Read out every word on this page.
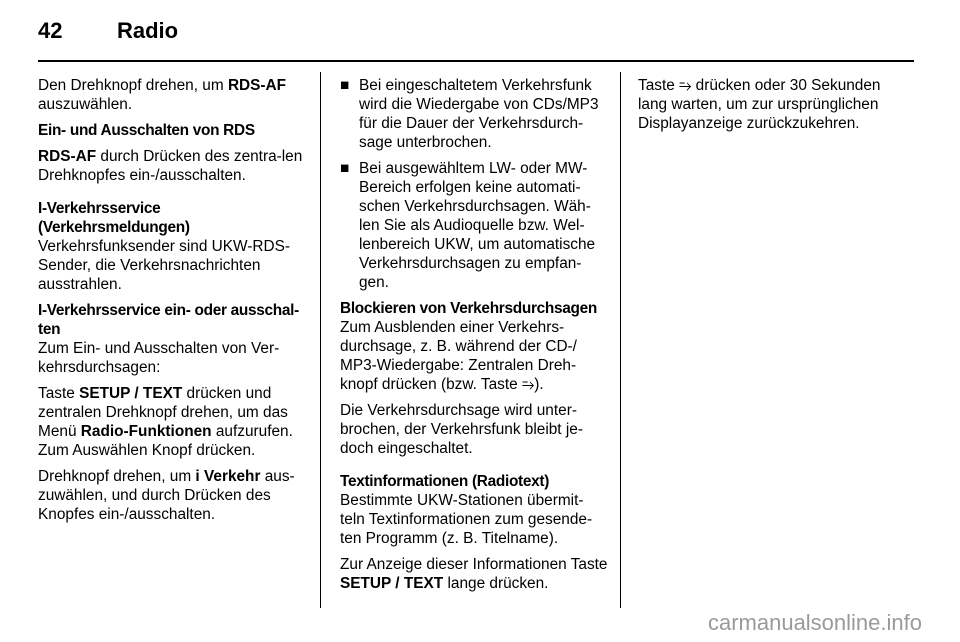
42 Radio

Den Drehknopf drehen, um RDS-AF auszuwählen.

Ein- und Ausschalten von RDS

RDS-AF durch Drücken des zentra-len Drehknopfes ein-/ausschalten.

I-Verkehrsservice (Verkehrsmeldungen)

Verkehrsfunksender sind UKW-RDS-Sender, die Verkehrsnachrichten ausstrahlen.

I-Verkehrsservice ein- oder ausschal-ten

Zum Ein- und Ausschalten von Ver-kehrsdurchsagen:

Taste SETUP / TEXT drücken und zentralen Drehknopf drehen, um das Menü Radio-Funktionen aufzurufen. Zum Auswählen Knopf drücken.

Drehknopf drehen, um i Verkehr aus-zuwählen, und durch Drücken des Knopfes ein-/ausschalten.

■ Bei eingeschaltetem Verkehrsfunk wird die Wiedergabe von CDs/MP3 für die Dauer der Verkehrsdurch-sage unterbrochen.
■ Bei ausgewähltem LW- oder MW-Bereich erfolgen keine automati-schen Verkehrsdurchsagen. Wäh-len Sie als Audioquelle bzw. Wel-lenbereich UKW, um automatische Verkehrsdurchsagen zu empfan-gen.

Blockieren von Verkehrsdurchsagen

Zum Ausblenden einer Verkehrs-durchsage, z. B. während der CD-/ MP3-Wiedergabe: Zentralen Dreh-knopf drücken (bzw. Taste ⥱).

Die Verkehrsdurchsage wird unter-brochen, der Verkehrsfunk bleibt je-doch eingeschaltet.

Textinformationen (Radiotext)

Bestimmte UKW-Stationen übermit-teln Textinformationen zum gesende-ten Programm (z. B. Titelname).

Zur Anzeige dieser Informationen Taste SETUP / TEXT lange drücken.

Taste ⥱ drücken oder 30 Sekunden lang warten, um zur ursprünglichen Displayanzeige zurückzukehren.

carmanualsonline.info
